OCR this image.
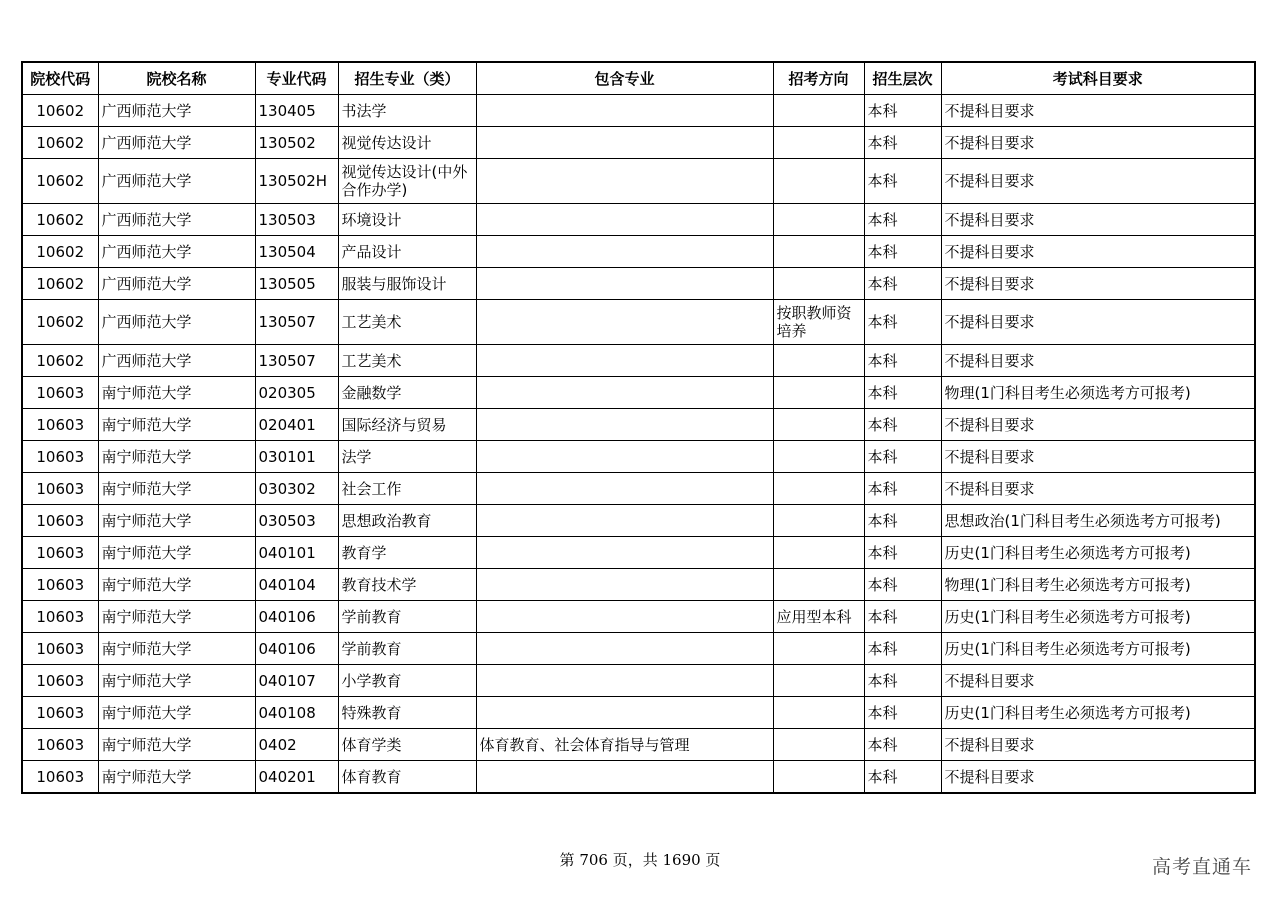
院校代码	院校名称	专业代码	招生专业（类）	包含专业	招考方向	招生层次	考试科目要求
10602	广西师范大学	130405	书法学			本科	不提科目要求
10602	广西师范大学	130502	视觉传达设计			本科	不提科目要求
10602	广西师范大学	130502H	视觉传达设计(中外合作办学)			本科	不提科目要求
10602	广西师范大学	130503	环境设计			本科	不提科目要求
10602	广西师范大学	130504	产品设计			本科	不提科目要求
10602	广西师范大学	130505	服装与服饰设计			本科	不提科目要求
10602	广西师范大学	130507	工艺美术		按职教师资培养	本科	不提科目要求
10602	广西师范大学	130507	工艺美术			本科	不提科目要求
10603	南宁师范大学	020305	金融数学			本科	物理(1门科目考生必须选考方可报考)
10603	南宁师范大学	020401	国际经济与贸易			本科	不提科目要求
10603	南宁师范大学	030101	法学			本科	不提科目要求
10603	南宁师范大学	030302	社会工作			本科	不提科目要求
10603	南宁师范大学	030503	思想政治教育			本科	思想政治(1门科目考生必须选考方可报考)
10603	南宁师范大学	040101	教育学			本科	历史(1门科目考生必须选考方可报考)
10603	南宁师范大学	040104	教育技术学			本科	物理(1门科目考生必须选考方可报考)
10603	南宁师范大学	040106	学前教育		应用型本科	本科	历史(1门科目考生必须选考方可报考)
10603	南宁师范大学	040106	学前教育			本科	历史(1门科目考生必须选考方可报考)
10603	南宁师范大学	040107	小学教育			本科	不提科目要求
10603	南宁师范大学	040108	特殊教育			本科	历史(1门科目考生必须选考方可报考)
10603	南宁师范大学	0402	体育学类	体育教育、社会体育指导与管理		本科	不提科目要求
10603	南宁师范大学	040201	体育教育			本科	不提科目要求
第 706 页，共 1690 页	高考直通车
